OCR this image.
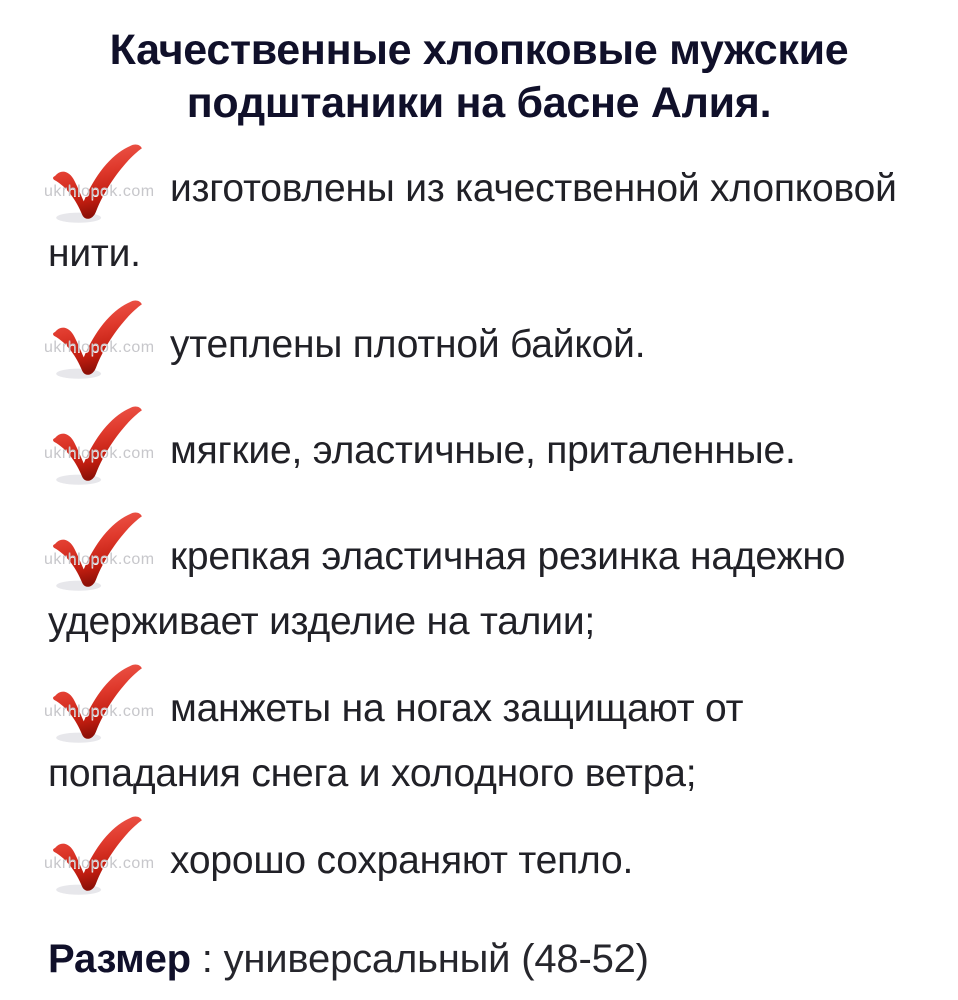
Качественные хлопковые мужские подштаники на басне Алия.
ukrhlopok.com изготовлены из качественной хлопковой нити.
ukrhlopok.com утеплены плотной байкой.
ukrhlopok.com мягкие, эластичные, приталенные.
ukrhlopok.com крепкая эластичная резинка надежно удерживает изделие на талии;
ukrhlopok.com манжеты на ногах защищают от попадания снега и холодного ветра;
ukrhlopok.com хорошо сохраняют тепло.

Размер : универсальный (48-52)
